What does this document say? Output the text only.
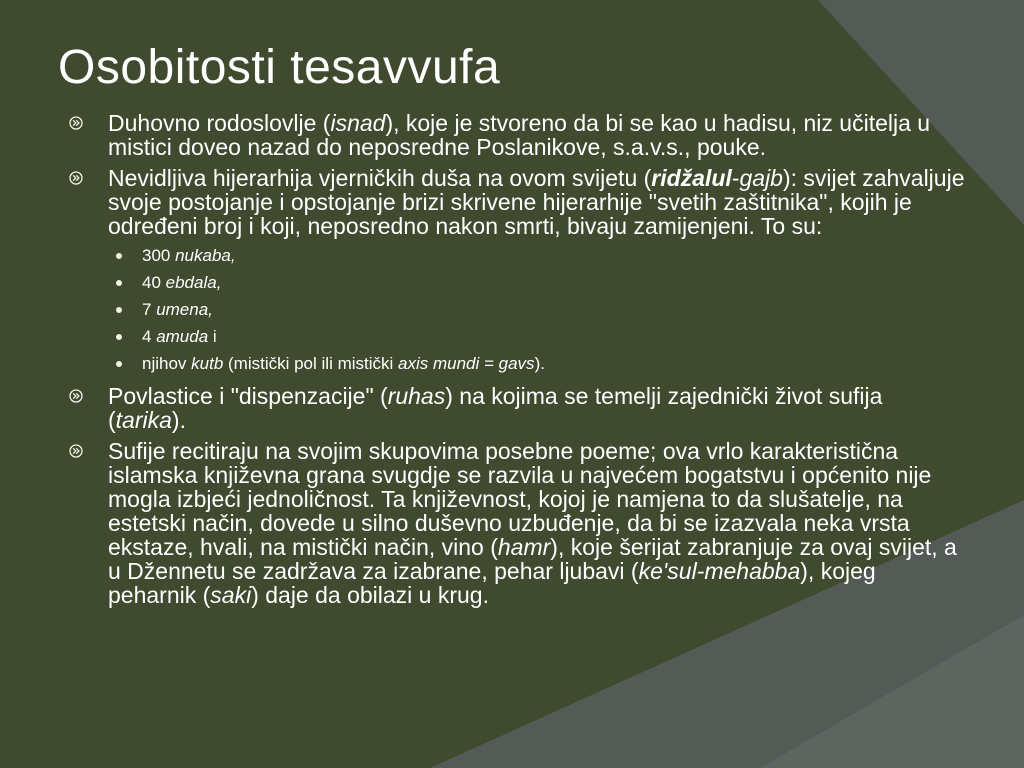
Osobitosti tesavvufa
Duhovno rodoslovlje (isnad), koje je stvoreno da bi se kao u hadisu, niz učitelja u mistici doveo nazad do neposredne Poslanikove, s.a.v.s., pouke.
Nevidljiva hijerarhija vjerničkih duša na ovom svijetu (ridžalul-gajb): svijet zahvaljuje svoje postojanje i opstojanje brizi skrivene hijerarhije "svetih zaštitnika", kojih je određeni broj i koji, neposredno nakon smrti, bivaju zamijenjeni. To su:
300 nukaba,
40 ebdala,
7 umena,
4 amuda i
njihov kutb (mistički pol ili mistički axis mundi = gavs).
Povlastice i "dispenzacije" (ruhas) na kojima se temelji zajednički život sufija (tarika).
Sufije recitiraju na svojim skupovima posebne poeme; ova vrlo karakteristična islamska književna grana svugdje se razvila u najvećem bogatstvu i općenito nije mogla izbjeći jednoličnost. Ta književnost, kojoj je namjena to da slušatelje, na estetski način, dovede u silno duševno uzbuđenje, da bi se izazvala neka vrsta ekstaze, hvali, na mistički način, vino (hamr), koje šerijat zabranjuje za ovaj svijet, a u Džennetu se zadržava za izabrane, pehar ljubavi (ke'sul-mehabba), kojeg peharnik (saki) daje da obilazi u krug.
